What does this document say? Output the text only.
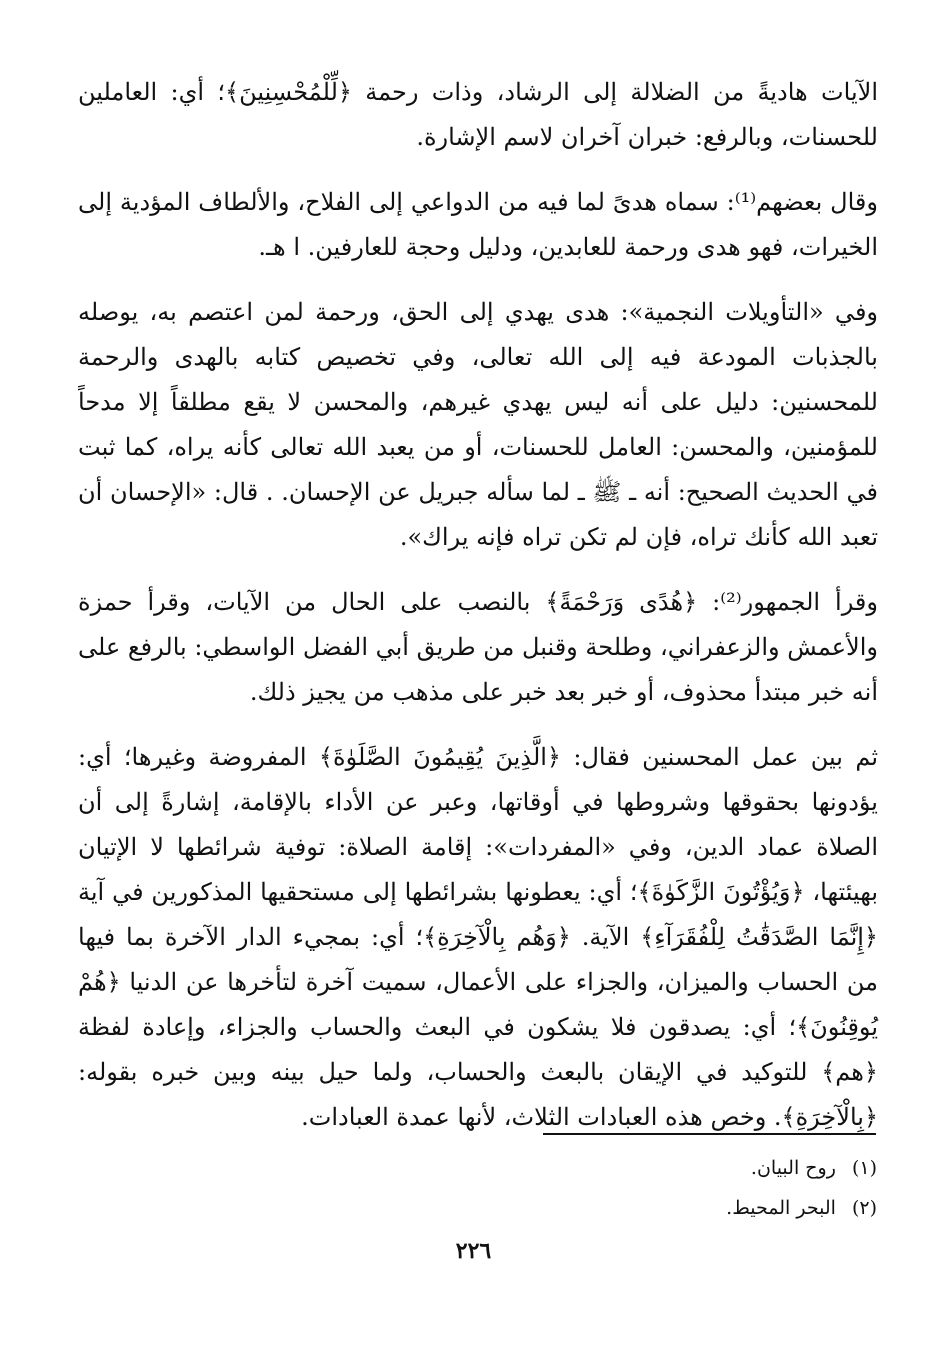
الآيات هاديةً من الضلالة إلى الرشاد، وذات رحمة ﴿لِّلْمُحْسِنِينَ﴾؛ أي: العاملين للحسنات، وبالرفع: خبران آخران لاسم الإشارة.

وقال بعضهم⁽¹⁾: سماه هدىً لما فيه من الدواعي إلى الفلاح، والألطاف المؤدية إلى الخيرات، فهو هدى ورحمة للعابدين، ودليل وحجة للعارفين. ا هـ.

وفي «التأويلات النجمية»: هدى يهدي إلى الحق، ورحمة لمن اعتصم به، يوصله بالجذبات المودعة فيه إلى الله تعالى، وفي تخصيص كتابه بالهدى والرحمة للمحسنين: دليل على أنه ليس يهدي غيرهم، والمحسن لا يقع مطلقاً إلا مدحاً للمؤمنين، والمحسن: العامل للحسنات، أو من يعبد الله تعالى كأنه يراه، كما ثبت في الحديث الصحيح: أنه ـ ﷺ ـ لما سأله جبريل عن الإحسان. . قال: «الإحسان أن تعبد الله كأنك تراه، فإن لم تكن تراه فإنه يراك».

وقرأ الجمهور⁽²⁾: ﴿هُدًى وَرَحْمَةً﴾ بالنصب على الحال من الآيات، وقرأ حمزة والأعمش والزعفراني، وطلحة وقنبل من طريق أبي الفضل الواسطي: بالرفع على أنه خبر مبتدأ محذوف، أو خبر بعد خبر على مذهب من يجيز ذلك.

ثم بين عمل المحسنين فقال: ﴿الَّذِينَ يُقِيمُونَ الصَّلَوٰةَ﴾ المفروضة وغيرها؛ أي: يؤدونها بحقوقها وشروطها في أوقاتها، وعبر عن الأداء بالإقامة، إشارةً إلى أن الصلاة عماد الدين، وفي «المفردات»: إقامة الصلاة: توفية شرائطها لا الإتيان بهيئتها، ﴿وَيُؤْتُونَ الزَّكَوٰةَ﴾؛ أي: يعطونها بشرائطها إلى مستحقيها المذكورين في آية ﴿إِنَّمَا الصَّدَقَٰتُ لِلْفُقَرَآءِ﴾ الآية. ﴿وَهُم بِالْآخِرَةِ﴾؛ أي: بمجيء الدار الآخرة بما فيها من الحساب والميزان، والجزاء على الأعمال، سميت آخرة لتأخرها عن الدنيا ﴿هُمْ يُوقِنُونَ﴾؛ أي: يصدقون فلا يشكون في البعث والحساب والجزاء، وإعادة لفظة ﴿هم﴾ للتوكيد في الإيقان بالبعث والحساب، ولما حيل بينه وبين خبره بقوله: ﴿بِالْآخِرَةِ﴾. وخص هذه العبادات الثلاث، لأنها عمدة العبادات.

(١) روح البيان.

(٢) البحر المحيط.

٢٢٦
